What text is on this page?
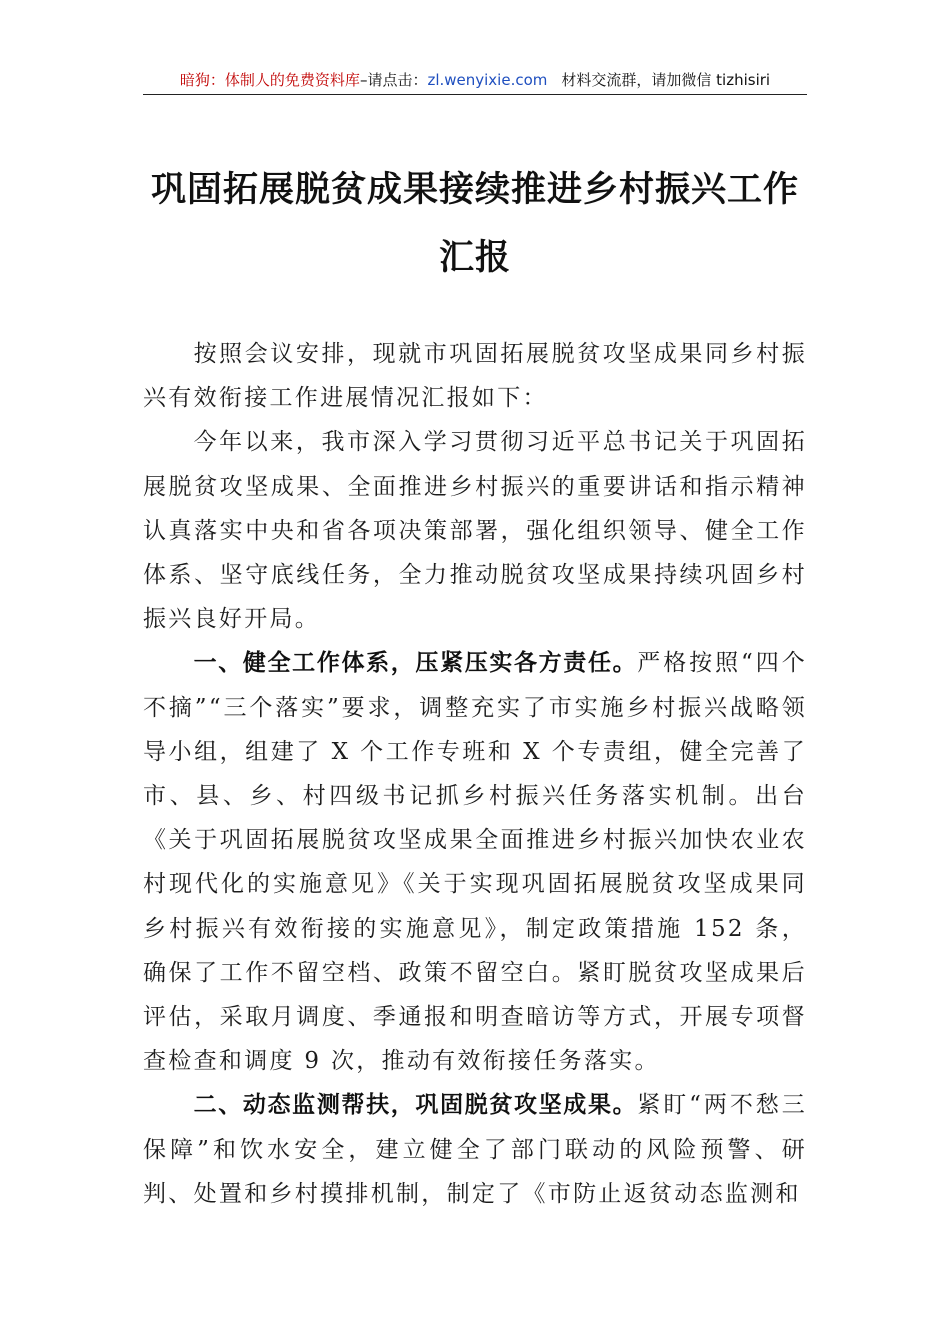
暗狗：体制人的免费资料库–请点击：zl.wenyixie.com 材料交流群，请加微信 tizhisiri
巩固拓展脱贫成果接续推进乡村振兴工作
汇报

按照会议安排，现就市巩固拓展脱贫攻坚成果同乡村振兴有效衔接工作进展情况汇报如下：

今年以来，我市深入学习贯彻习近平总书记关于巩固拓展脱贫攻坚成果、全面推进乡村振兴的重要讲话和指示精神认真落实中央和省各项决策部署，强化组织领导、健全工作体系、坚守底线任务，全力推动脱贫攻坚成果持续巩固乡村振兴良好开局。

一、健全工作体系，压紧压实各方责任。严格按照“四个不摘”“三个落实”要求，调整充实了市实施乡村振兴战略领导小组，组建了 X 个工作专班和 X 个专责组，健全完善了市、县、乡、村四级书记抓乡村振兴任务落实机制。出台《关于巩固拓展脱贫攻坚成果全面推进乡村振兴加快农业农村现代化的实施意见》《关于实现巩固拓展脱贫攻坚成果同乡村振兴有效衔接的实施意见》，制定政策措施 152 条，确保了工作不留空档、政策不留空白。紧盯脱贫攻坚成果后评估，采取月调度、季通报和明查暗访等方式，开展专项督查检查和调度 9 次，推动有效衔接任务落实。

二、动态监测帮扶，巩固脱贫攻坚成果。紧盯“两不愁三保障”和饮水安全，建立健全了部门联动的风险预警、研判、处置和乡村摸排机制，制定了《市防止返贫动态监测和
